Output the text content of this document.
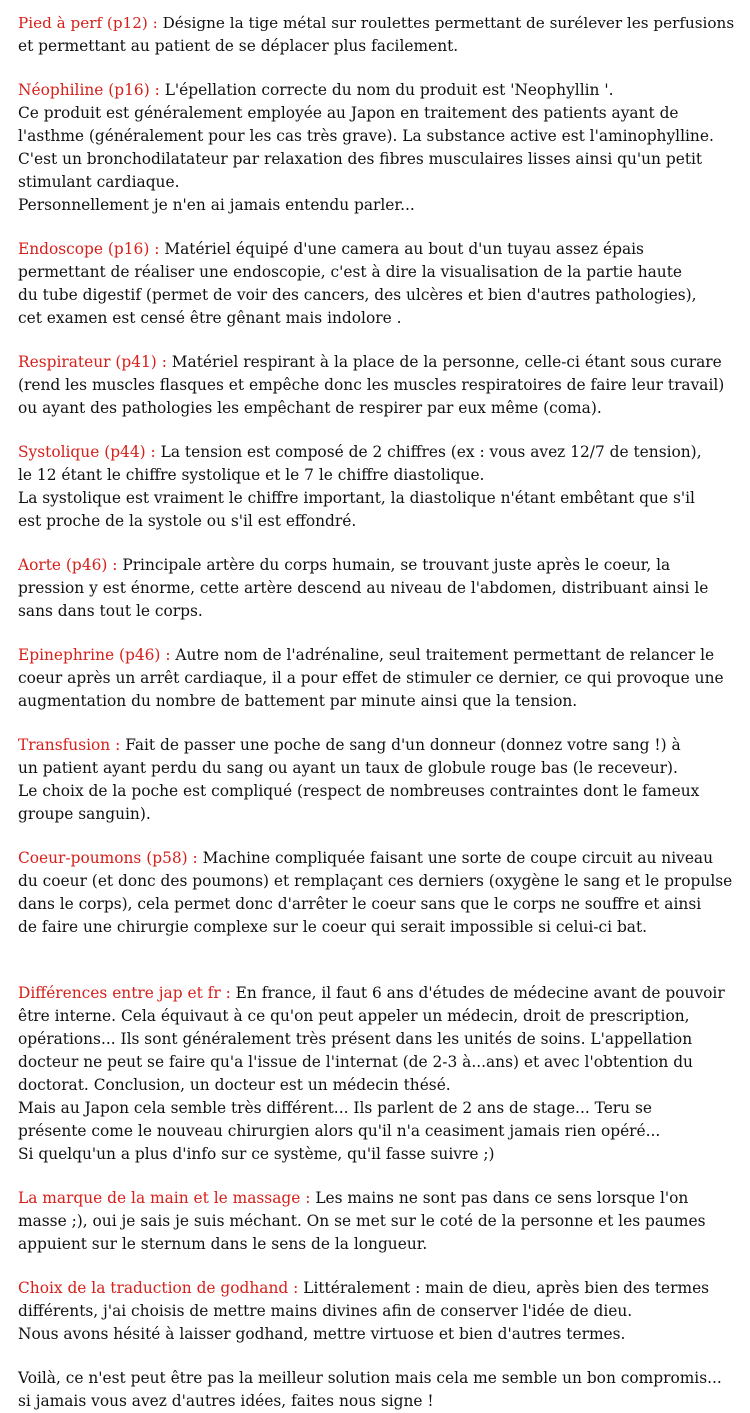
Pied à perf (p12) : Désigne la tige métal sur roulettes permettant de surélever les perfusions
et permettant au patient de se déplacer plus facilement.
Néophiline (p16) : L'épellation correcte du nom du produit est 'Neophyllin '.
Ce produit est généralement employée au Japon en traitement des patients ayant de
l'asthme (généralement pour les cas très grave). La substance active est l'aminophylline.
C'est un bronchodilatateur par relaxation des fibres musculaires lisses ainsi qu'un petit
stimulant cardiaque.
Personnellement je n'en ai jamais entendu parler...
Endoscope (p16) : Matériel équipé d'une camera au bout d'un tuyau assez épais
permettant de réaliser une endoscopie, c'est à dire la visualisation de la partie haute
du tube digestif (permet de voir des cancers, des ulcères et bien d'autres pathologies),
cet examen est censé être gênant mais indolore .
Respirateur (p41) : Matériel respirant à la place de la personne, celle-ci étant sous curare
(rend les muscles flasques et empêche donc les muscles respiratoires de faire leur travail)
ou ayant des pathologies les empêchant de respirer par eux même (coma).
Systolique (p44) : La tension est composé de 2 chiffres (ex : vous avez 12/7 de tension),
le 12 étant le chiffre systolique et le 7 le chiffre diastolique.
La systolique est vraiment le chiffre important, la diastolique n'étant embêtant que s'il
est proche de la systole ou s'il est effondré.
Aorte (p46) : Principale artère du corps humain, se trouvant juste après le coeur, la
pression y est énorme, cette artère descend au niveau de l'abdomen, distribuant ainsi le
sans dans tout le corps.
Epinephrine (p46) : Autre nom de l'adrénaline, seul traitement permettant de relancer le
coeur après un arrêt cardiaque, il a pour effet de stimuler ce dernier, ce qui provoque une
augmentation du nombre de battement par minute ainsi que la tension.
Transfusion : Fait de passer une poche de sang d'un donneur (donnez votre sang !) à
un patient ayant perdu du sang ou ayant un taux de globule rouge bas (le receveur).
Le choix de la poche est compliqué (respect de nombreuses contraintes dont le fameux
groupe sanguin).
Coeur-poumons (p58) : Machine compliquée faisant une sorte de coupe circuit au niveau
du coeur (et donc des poumons) et remplaçant ces derniers (oxygène le sang et le propulse
dans le corps), cela permet donc d'arrêter le coeur sans que le corps ne souffre et ainsi
de faire une chirurgie complexe sur le coeur qui serait impossible si celui-ci bat.
Différences entre jap et fr : En france, il faut 6 ans d'études de médecine avant de pouvoir
être interne. Cela équivaut à ce qu'on peut appeler un médecin, droit de prescription,
opérations... Ils sont généralement très présent dans les unités de soins. L'appellation
docteur ne peut se faire qu'a l'issue de l'internat (de 2-3 à...ans) et avec l'obtention du
doctorat. Conclusion, un docteur est un médecin thésé.
Mais au Japon cela semble très différent... Ils parlent de 2 ans de stage... Teru se
présente come le nouveau chirurgien alors qu'il n'a ceasiment jamais rien opéré...
Si quelqu'un a plus d'info sur ce système, qu'il fasse suivre ;)
La marque de la main et le massage : Les mains ne sont pas dans ce sens lorsque l'on
masse ;), oui je sais je suis méchant. On se met sur le coté de la personne et les paumes
appuient sur le sternum dans le sens de la longueur.
Choix de la traduction de godhand : Littéralement : main de dieu, après bien des termes
différents, j'ai choisis de mettre mains divines afin de conserver l'idée de dieu.
Nous avons hésité à laisser godhand, mettre virtuose et bien d'autres termes.
Voilà, ce n'est peut être pas la meilleur solution mais cela me semble un bon compromis...
si jamais vous avez d'autres idées, faites nous signe !
